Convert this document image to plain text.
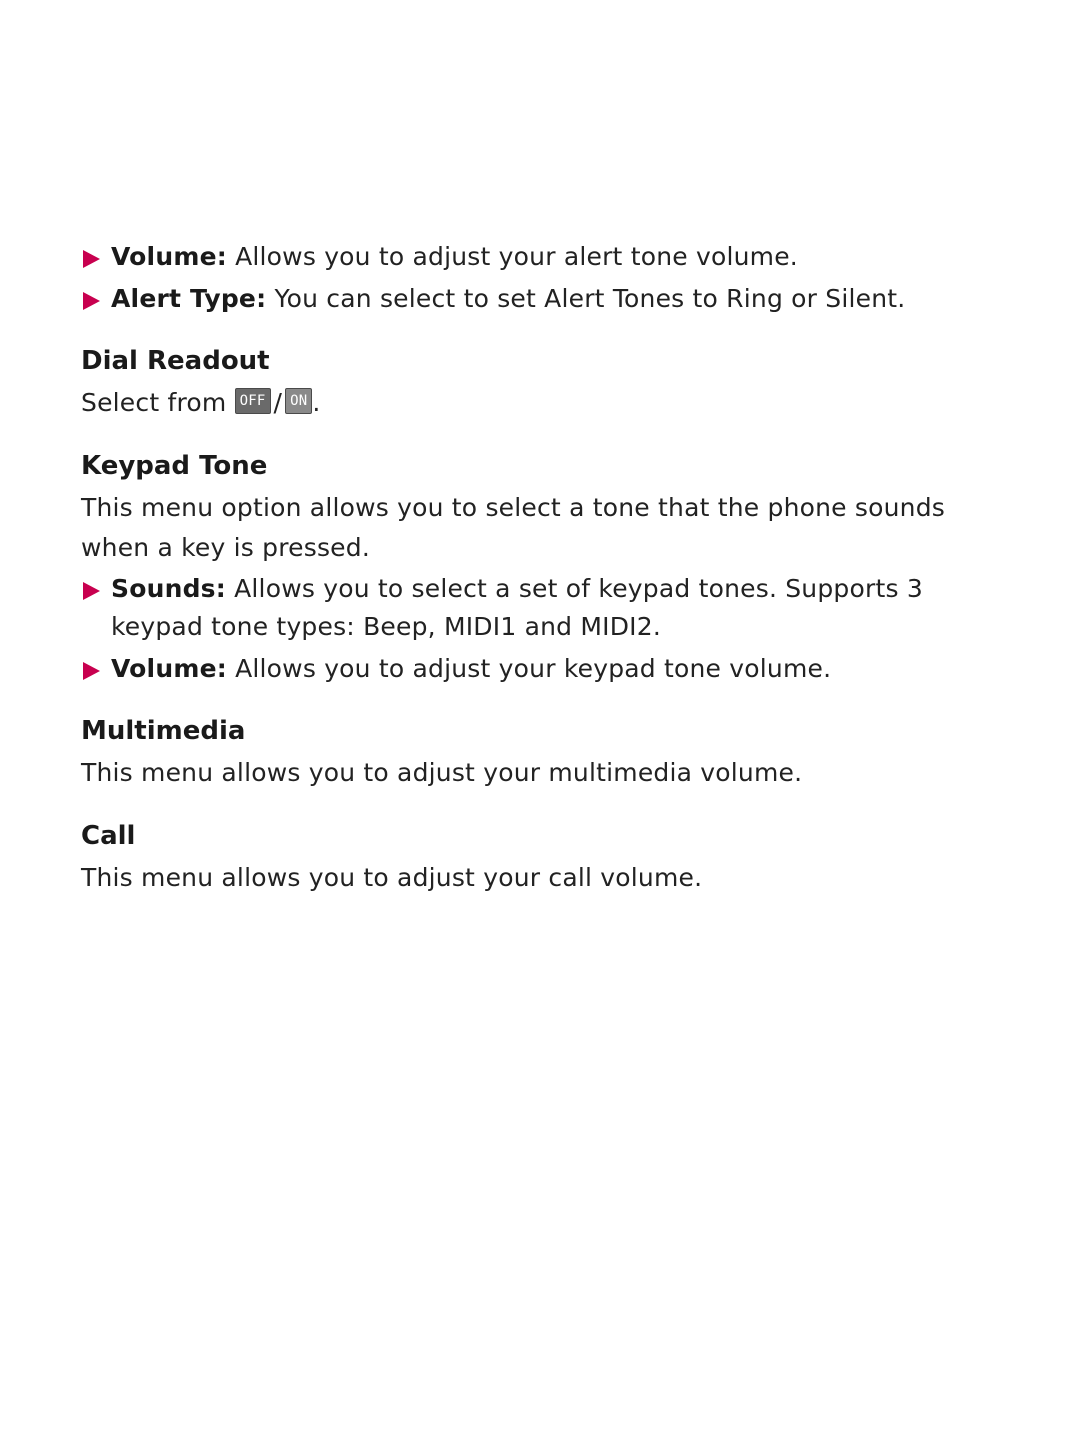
Volume: Allows you to adjust your alert tone volume.
Alert Type: You can select to set Alert Tones to Ring or Silent.
Dial Readout

Select from OFF / ON .

Keypad Tone

This menu option allows you to select a tone that the phone sounds when a key is pressed.

Sounds: Allows you to select a set of keypad tones. Supports 3 keypad tone types: Beep, MIDI1 and MIDI2.
Volume: Allows you to adjust your keypad tone volume.
Multimedia

This menu allows you to adjust your multimedia volume.

Call

This menu allows you to adjust your call volume.
